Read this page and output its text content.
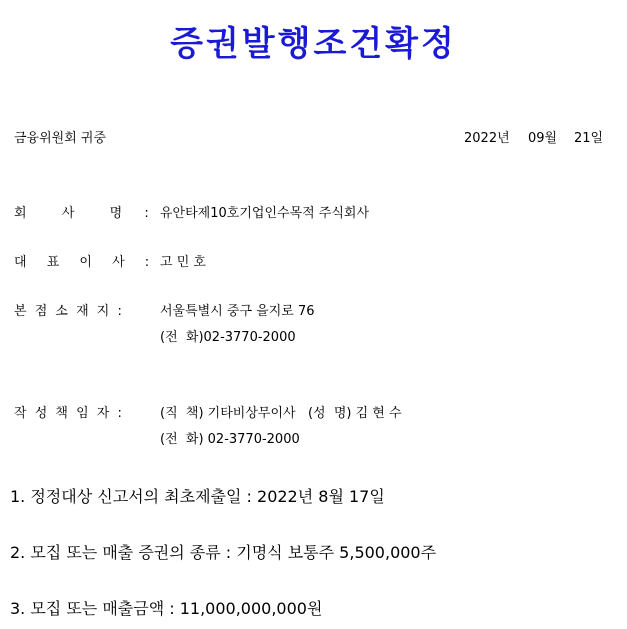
증권발행조건확정
금융위원회 귀중	2022년 09월 21일
회  사  명 : 유안타제10호기업인수목적 주식회사
대 표 이 사 : 고 민 호
본 점 소 재 지 :	서울특별시 중구 을지로 76
(전  화)02-3770-2000
작 성 책 임 자 :	(직  책) 기타비상무이사   (성  명) 김 현 수
(전  화) 02-3770-2000
1. 정정대상 신고서의 최초제출일 : 2022년 8월 17일
2. 모집 또는 매출 증권의 종류 : 기명식 보통주 5,500,000주
3. 모집 또는 매출금액 : 11,000,000,000원
